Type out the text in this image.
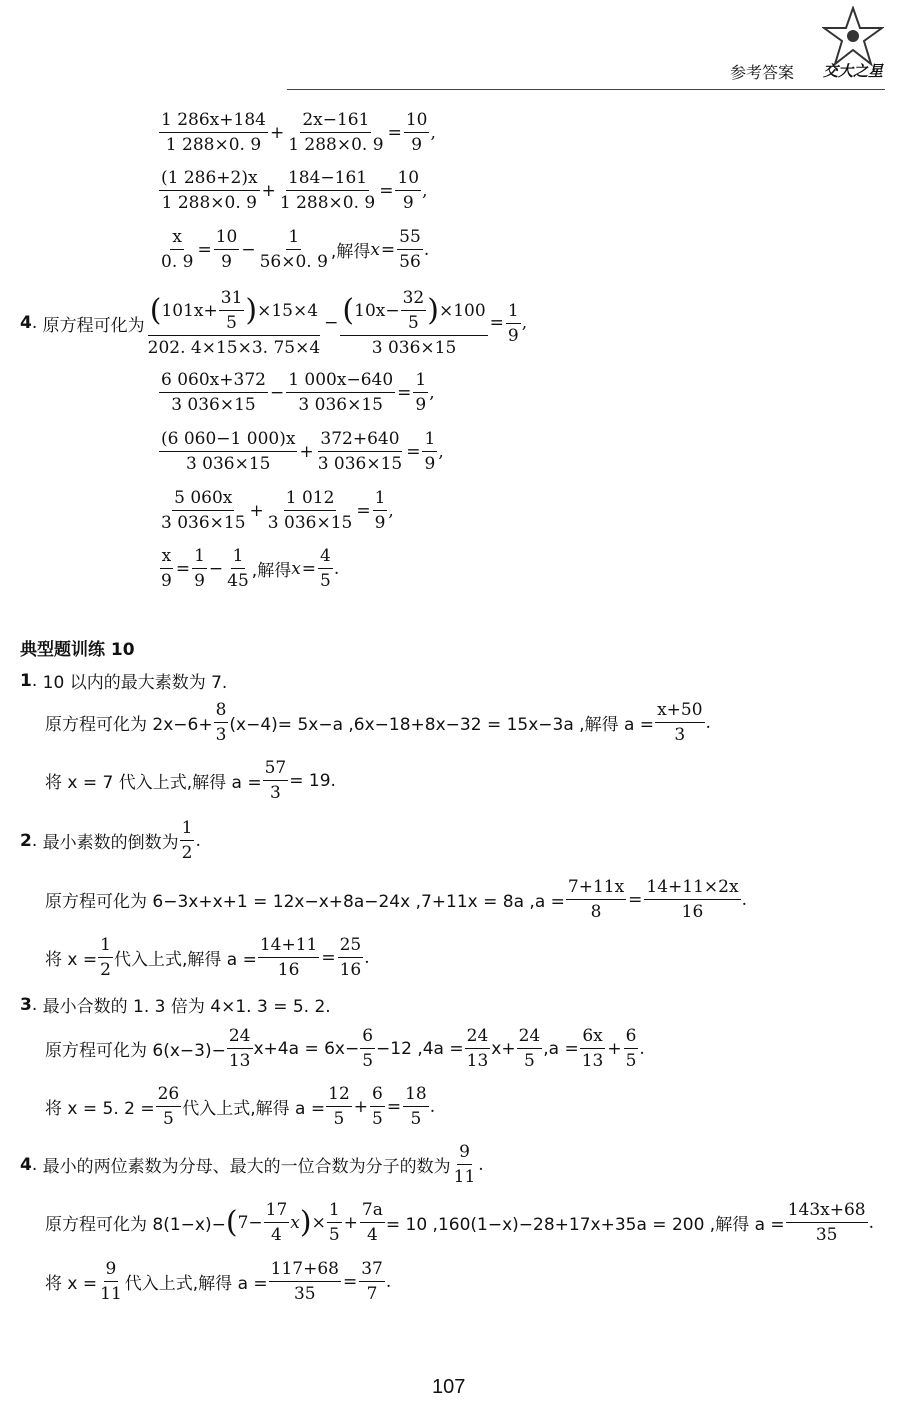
参考答案 交大之星
$\frac{1 286x+184}{1 288\times 0. 9} + \frac{2x-161}{1 288\times 0. 9} = \frac{10}{9}$ ,
$\frac{(1 286+2)x}{1 288\times 0. 9} + \frac{184-161}{1 288\times 0. 9} = \frac{10}{9}$ ,
$\frac{x}{0. 9} = \frac{10}{9} - \frac{1}{56\times 0. 9}$ ,解得 $x = \frac{55}{56}$ .
4 . 原方程可化为 $\frac{( 101x+ \frac{31}{5} ) \times 15\times 4}{202. 4\times 15\times 3. 75\times 4} - \frac{( 10x- \frac{32}{5} ) \times 100}{3 036\times 15} = \frac{1}{9}$ ,
$\frac{6 060x+372}{3 036\times 15} - \frac{1 000x-640}{3 036\times 15} = \frac{1}{9}$ ,
$\frac{(6 060-1 000)x}{3 036\times 15} + \frac{372+640}{3 036\times 15} = \frac{1}{9}$ ,
$\frac{5 060x}{3 036\times 15} + \frac{1 012}{3 036\times 15} = \frac{1}{9}$ ,
$\frac{x}{9} = \frac{1}{9} - \frac{1}{45}$ ,解得 $x = \frac{4}{5}$ .
典型题训练 10
1 . 10 以内的最大素数为 7.
原方程可化为 $2x-6+ \frac{8}{3} (x-4)= 5x-a$ ,6x−18+8x−32 = 15x−3a ,解得 $a = \frac{x+50}{3}$ .
将 x = 7 代入上式,解得 $a = \frac{57}{3} = 19$.
2 . 最小素数的倒数为 $\frac{1}{2}$ .
原方程可化为 6−3x+x+1 = 12x−x+8a−24x ,7+11x = 8a $,a = \frac{7+11x}{8} = \frac{14+11\times 2x}{16}$ .
将 $x = \frac{1}{2}$ 代入上式,解得 $a = \frac{14+11}{16} = \frac{25}{16}$ .
3 . 最小合数的 1. 3 倍为 4×1. 3 = 5. 2.
原方程可化为 $6(x-3)- \frac{24}{13} x+4a = 6x- \frac{6}{5} -12$ $,4a = \frac{24}{13} x+ \frac{24}{5} ,a = \frac{6x}{13} + \frac{6}{5}$ .
将 x = 5. $2 = \frac{26}{5}$ 代入上式,解得 $a = \frac{12}{5} + \frac{6}{5} = \frac{18}{5}$ .
4 . 最小的两位素数为分母、最大的一位合数为分子的数为 $\frac{9}{11}$ .
原方程可化为 8(1−x)− ( $7- \frac{17}{4}$ x ) × $\frac{1}{5} + \frac{7a}{4} = 10$ ,160(1−x)−28+17x+35a = 200 ,解得 $a = \frac{143x+68}{35}$ .
将 $x = \frac{9}{11}$ 代入上式,解得 $a = \frac{117+68}{35} = \frac{37}{7}$ .
107
